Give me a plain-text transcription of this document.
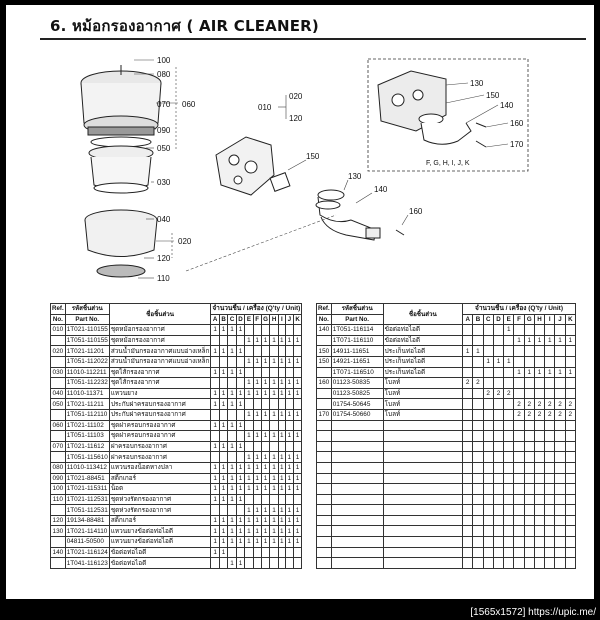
6. หม้อกรองอากาศ ( AIR CLEANER)
100
080
070 060
090
050
030
040
020
120
110
010
020
120
150
130
140
160
130
150
140
160
170
F, G, H, I, J, K
Ref.	รหัสชิ้นส่วน	ชื่อชิ้นส่วน	จำนวนชิ้น / เครื่อง (Q'ty / Unit)										
No.	Part No.		A	B	C	D	E	F	G	H	I	J	K
010	1T021-110155	ชุดหม้อกรองอากาศ	1	1	1	1							
	1T051-110155	ชุดหม้อกรองอากาศ					1	1	1	1	1	1	1
020	1T021-11201	ส่วนน้ำมันกรองอากาศแบบอ่างเหล็ก	1	1	1	1							
	1T051-112022	ส่วนน้ำมันกรองอากาศแบบอ่างเหล็ก					1	1	1	1	1	1	1
030	11010-112211	ชุดไส้กรองอากาศ	1	1	1	1							
	1T051-112232	ชุดไส้กรองอากาศ					1	1	1	1	1	1	1
040	11010-11371	แหวนยาง	1	1	1	1	1	1	1	1	1	1	1
050	1T021-11211	ประกับฝาครอบกรองอากาศ	1	1	1	1							
	1T051-112110	ประกับฝาครอบกรองอากาศ					1	1	1	1	1	1	1
060	1T021-11102	ชุดฝาครอบกรองอากาศ	1	1	1	1							
	1T051-11103	ชุดฝาครอบกรองอากาศ					1	1	1	1	1	1	1
070	1T021-11612	ฝาครอบกรองอากาศ	1	1	1	1							
	1T051-115610	ฝาครอบกรองอากาศ					1	1	1	1	1	1	1
080	11010-113412	แหวนรองน็อตหางปลา	1	1	1	1	1	1	1	1	1	1	1
090	1T021-88451	สติ๊กเกอร์	1	1	1	1	1	1	1	1	1	1	1
100	1T021-115311	น็อต	1	1	1	1	1	1	1	1	1	1	1
110	1T021-112531	ชุดห่วงรัดกรองอากาศ	1	1	1	1							
	1T051-112531	ชุดห่วงรัดกรองอากาศ					1	1	1	1	1	1	1
120	19134-88481	สติ๊กเกอร์	1	1	1	1	1	1	1	1	1	1	1
130	1T021-114110	แหวนยางข้อต่อท่อไอดี	1	1	1	1	1	1	1	1	1	1	1
	04811-50500	แหวนยางข้อต่อท่อไอดี	1	1	1	1	1	1	1	1	1	1	1
140	1T021-116124	ข้อต่อท่อไอดี	1	1									
	1T041-116123	ข้อต่อท่อไอดี			1	1							
Ref.	รหัสชิ้นส่วน	ชื่อชิ้นส่วน	จำนวนชิ้น / เครื่อง (Q'ty / Unit)										
No.	Part No.		A	B	C	D	E	F	G	H	I	J	K
140	1T051-116114	ข้อต่อท่อไอดี					1						
	1T071-116110	ข้อต่อท่อไอดี						1	1	1	1	1	1
150	14911-11651	ประเก็นท่อไอดี	1	1									
150	14921-11651	ประเก็นท่อไอดี			1	1	1						
	1T071-116510	ประเก็นท่อไอดี						1	1	1	1	1	1
160	01123-50835	โบลท์	2	2									
	01123-50825	โบลท์			2	2	2						
	01754-50645	โบลท์						2	2	2	2	2	2
170	01754-50660	โบลท์						2	2	2	2	2	2

[1565x1572] https://upic.me/
